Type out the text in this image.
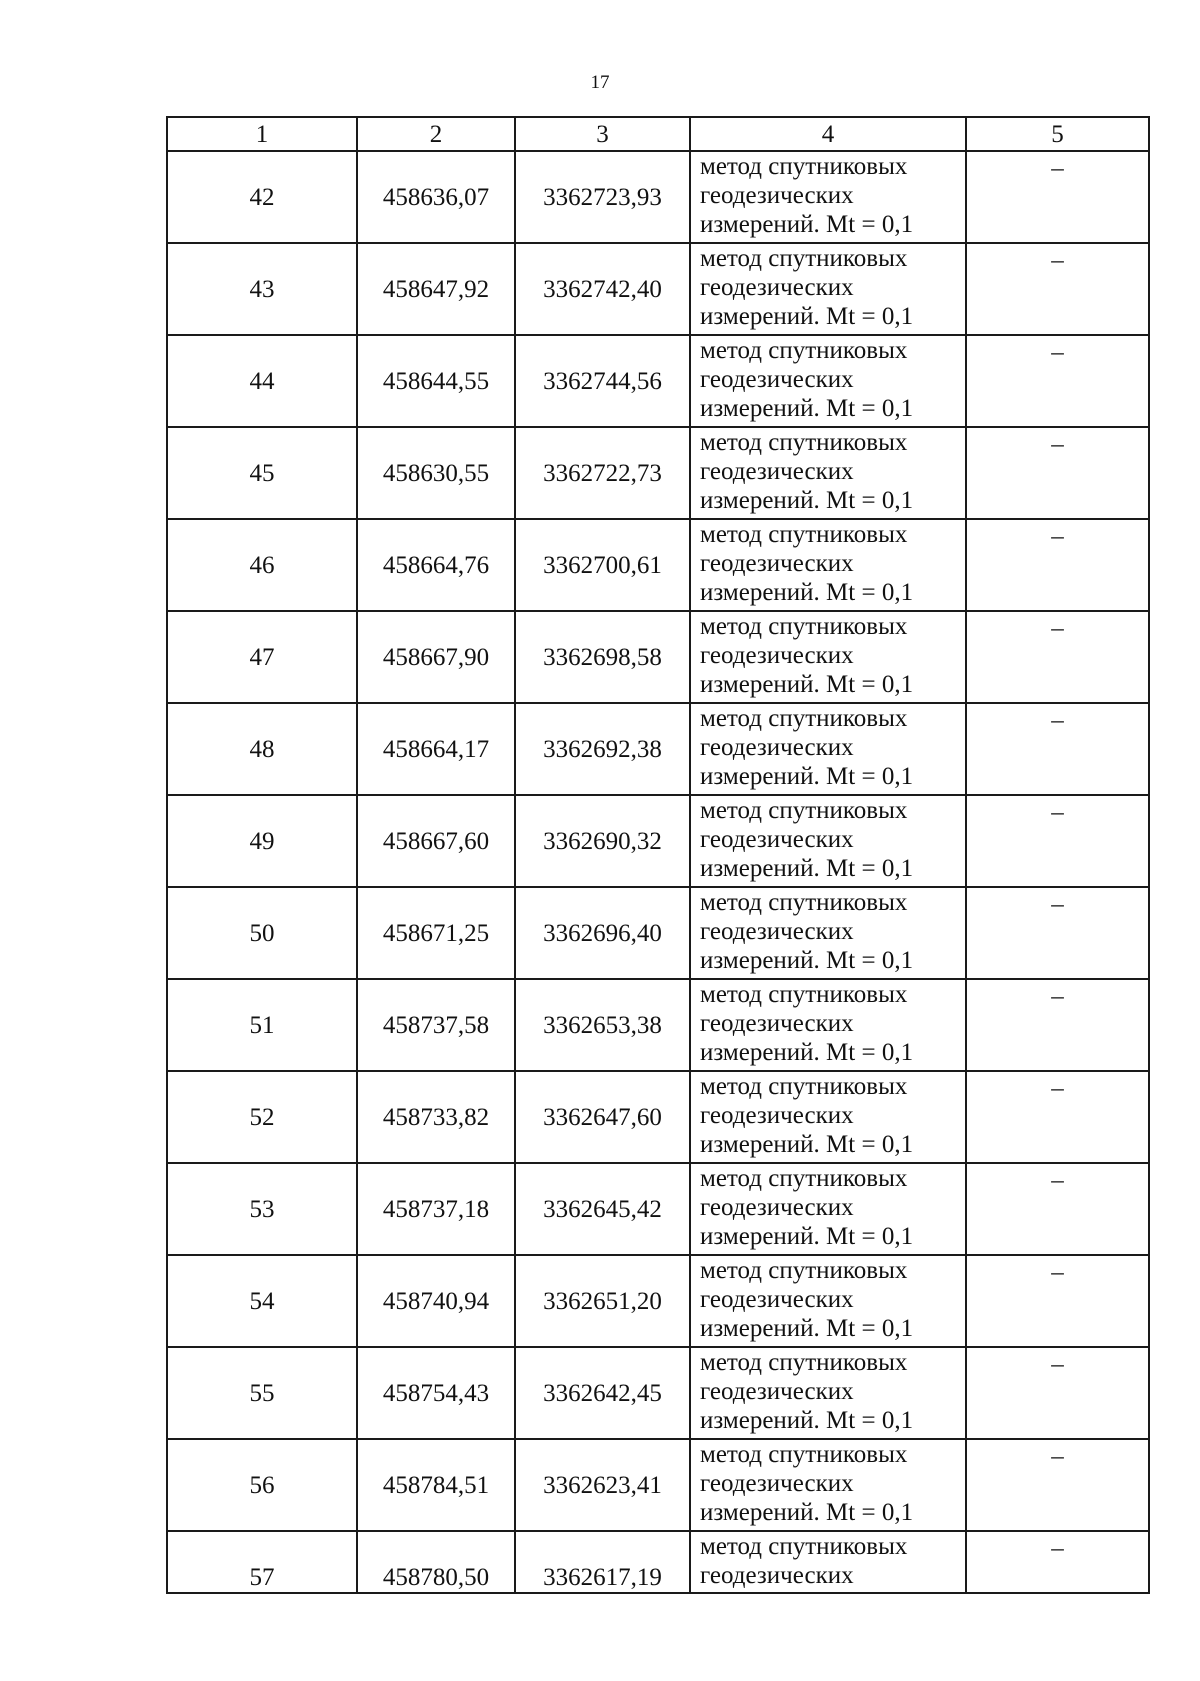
17
1	2	3	4	5
42	458636,07	3362723,93	метод спутниковых
геодезических
измерений. Mt = 0,1	–
43	458647,92	3362742,40	метод спутниковых
геодезических
измерений. Mt = 0,1	–
44	458644,55	3362744,56	метод спутниковых
геодезических
измерений. Mt = 0,1	–
45	458630,55	3362722,73	метод спутниковых
геодезических
измерений. Mt = 0,1	–
46	458664,76	3362700,61	метод спутниковых
геодезических
измерений. Mt = 0,1	–
47	458667,90	3362698,58	метод спутниковых
геодезических
измерений. Mt = 0,1	–
48	458664,17	3362692,38	метод спутниковых
геодезических
измерений. Mt = 0,1	–
49	458667,60	3362690,32	метод спутниковых
геодезических
измерений. Mt = 0,1	–
50	458671,25	3362696,40	метод спутниковых
геодезических
измерений. Mt = 0,1	–
51	458737,58	3362653,38	метод спутниковых
геодезических
измерений. Mt = 0,1	–
52	458733,82	3362647,60	метод спутниковых
геодезических
измерений. Mt = 0,1	–
53	458737,18	3362645,42	метод спутниковых
геодезических
измерений. Mt = 0,1	–
54	458740,94	3362651,20	метод спутниковых
геодезических
измерений. Mt = 0,1	–
55	458754,43	3362642,45	метод спутниковых
геодезических
измерений. Mt = 0,1	–
56	458784,51	3362623,41	метод спутниковых
геодезических
измерений. Mt = 0,1	–
57	458780,50	3362617,19	метод спутниковых
геодезических	–
